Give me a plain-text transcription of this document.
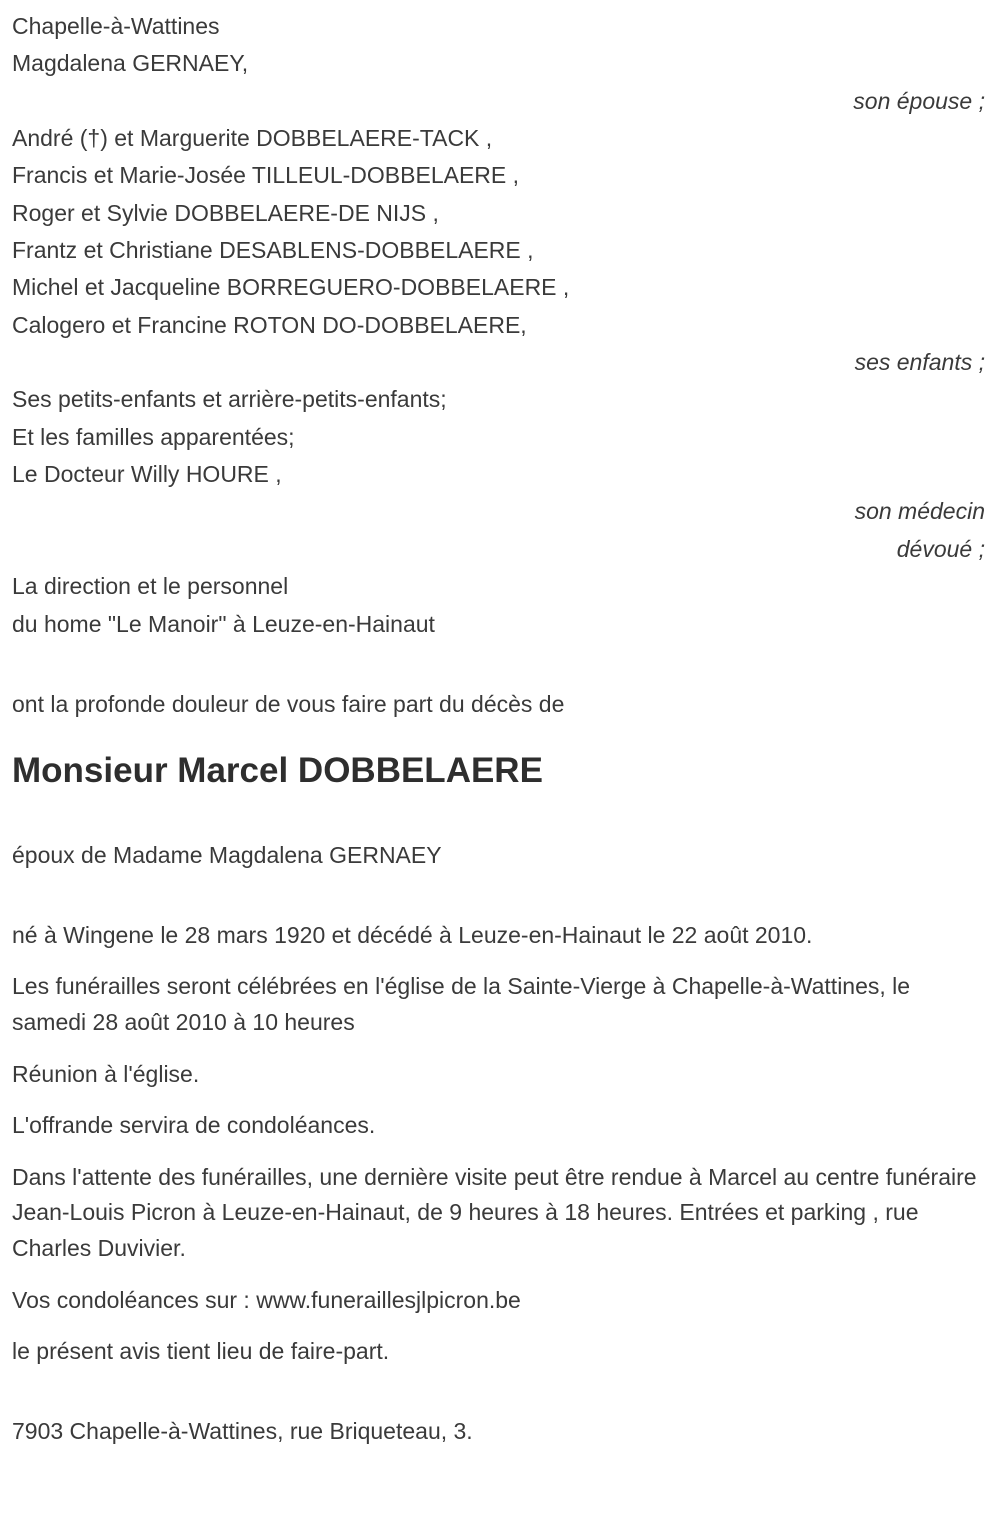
Chapelle-à-Wattines

Magdalena GERNAEY,

son épouse ;

André (†) et Marguerite DOBBELAERE-TACK ,

Francis et Marie-Josée TILLEUL-DOBBELAERE ,

Roger et Sylvie DOBBELAERE-DE NIJS ,

Frantz et Christiane DESABLENS-DOBBELAERE ,

Michel et Jacqueline BORREGUERO-DOBBELAERE ,

Calogero et Francine ROTON DO-DOBBELAERE,

ses enfants ;

Ses petits-enfants et arrière-petits-enfants;

Et les familles apparentées;

Le Docteur Willy HOURE ,

son médecin

dévoué ;

La direction et le personnel

du home "Le Manoir" à Leuze-en-Hainaut

ont la profonde douleur de vous faire part du décès de

Monsieur Marcel DOBBELAERE

époux de Madame Magdalena GERNAEY

né à Wingene le 28 mars 1920 et décédé à Leuze-en-Hainaut le 22 août 2010.

Les funérailles seront célébrées en l'église de la Sainte-Vierge à Chapelle-à-Wattines, le samedi 28 août 2010 à 10 heures

Réunion à l'église.

L'offrande servira de condoléances.

Dans l'attente des funérailles, une dernière visite peut être rendue à Marcel au centre funéraire Jean-Louis Picron à Leuze-en-Hainaut, de 9 heures à 18 heures. Entrées et parking , rue Charles Duvivier.

Vos condoléances sur : www.funeraillesjlpicron.be

le présent avis tient lieu de faire-part.

7903 Chapelle-à-Wattines, rue Briqueteau, 3.
